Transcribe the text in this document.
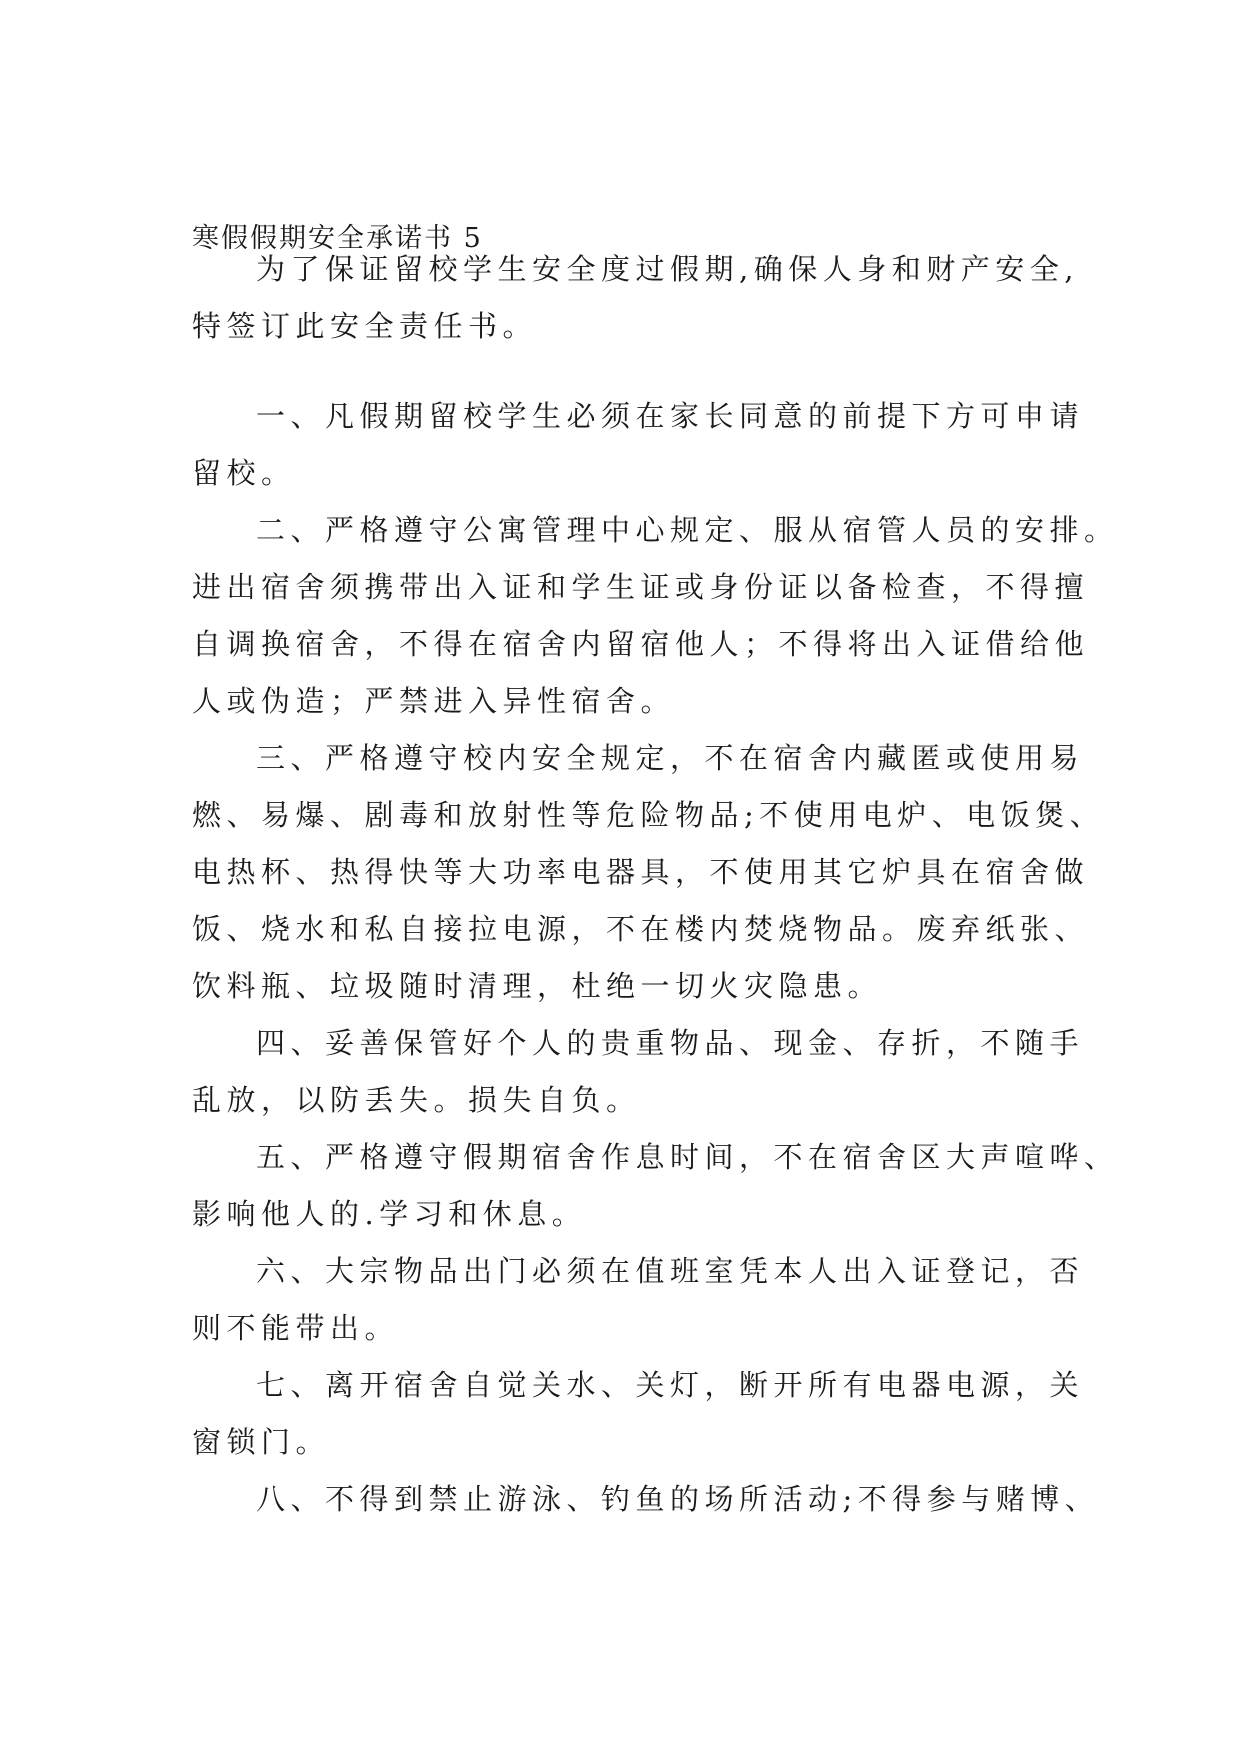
寒假假期安全承诺书 5
为了保证留校学生安全度过假期,确保人身和财产安全,
特签订此安全责任书。
一、凡假期留校学生必须在家长同意的前提下方可申请
留校。
二、严格遵守公寓管理中心规定、服从宿管人员的安排。
进出宿舍须携带出入证和学生证或身份证以备检查，不得擅
自调换宿舍，不得在宿舍内留宿他人；不得将出入证借给他
人或伪造；严禁进入异性宿舍。
三、严格遵守校内安全规定，不在宿舍内藏匿或使用易
燃、易爆、剧毒和放射性等危险物品;不使用电炉、电饭煲、
电热杯、热得快等大功率电器具，不使用其它炉具在宿舍做
饭、烧水和私自接拉电源，不在楼内焚烧物品。废弃纸张、
饮料瓶、垃圾随时清理，杜绝一切火灾隐患。
四、妥善保管好个人的贵重物品、现金、存折，不随手
乱放，以防丢失。损失自负。
五、严格遵守假期宿舍作息时间，不在宿舍区大声喧哗、
影响他人的.学习和休息。
六、大宗物品出门必须在值班室凭本人出入证登记，否
则不能带出。
七、离开宿舍自觉关水、关灯，断开所有电器电源，关
窗锁门。
八、不得到禁止游泳、钓鱼的场所活动;不得参与赌博、
